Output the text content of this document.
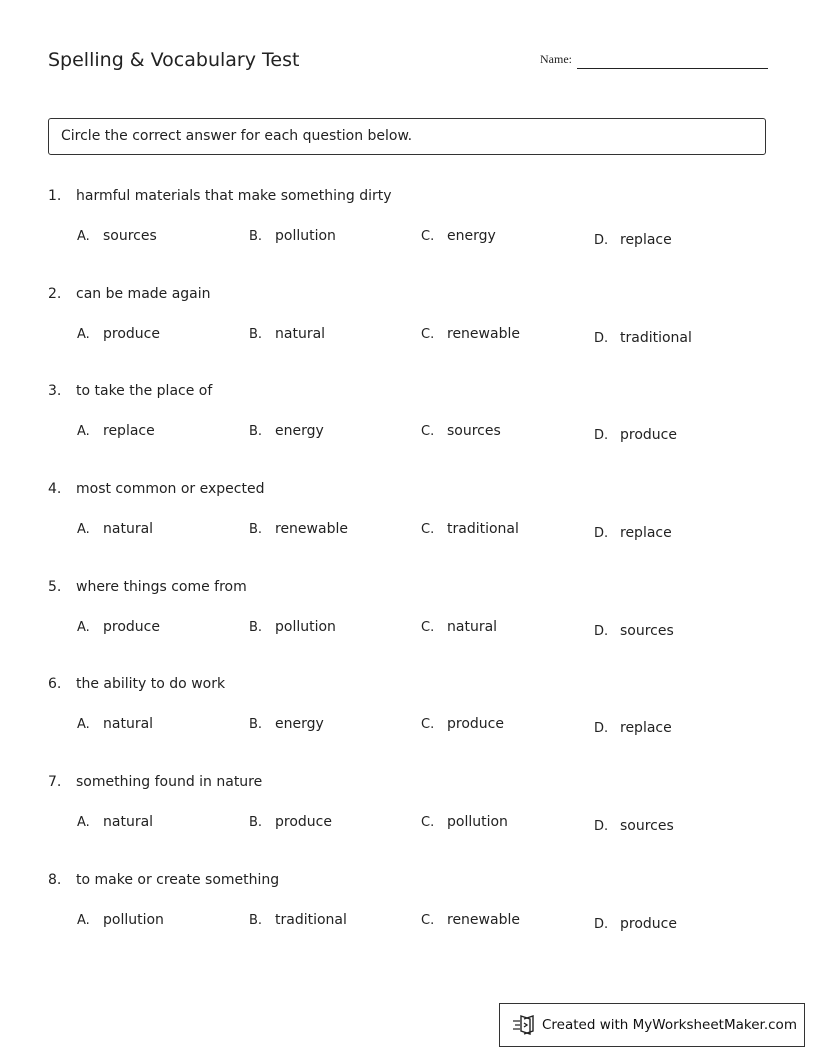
Spelling & Vocabulary Test	Name:
Circle the correct answer for each question below.
1. harmful materials that make something dirty
A. sources	B. pollution	C. energy	D. replace
2. can be made again
A. produce	B. natural	C. renewable	D. traditional
3. to take the place of
A. replace	B. energy	C. sources	D. produce
4. most common or expected
A. natural	B. renewable	C. traditional	D. replace
5. where things come from
A. produce	B. pollution	C. natural	D. sources
6. the ability to do work
A. natural	B. energy	C. produce	D. replace
7. something found in nature
A. natural	B. produce	C. pollution	D. sources
8. to make or create something
A. pollution	B. traditional	C. renewable	D. produce
Created with MyWorksheetMaker.com
